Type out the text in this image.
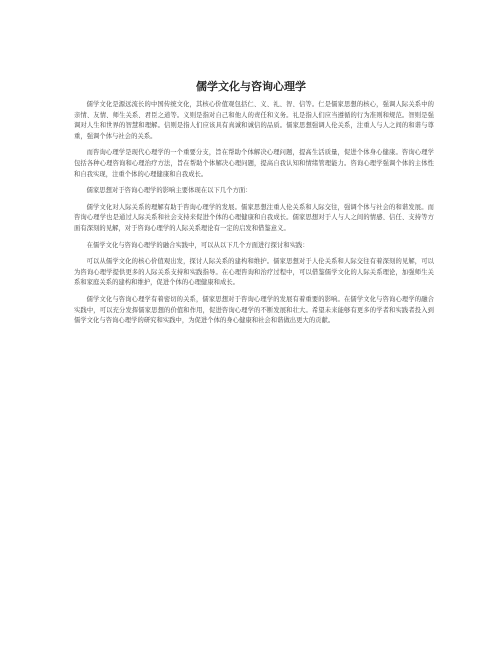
儒学文化与咨询心理学

儒学文化是源远流长的中国传统文化，其核心价值观包括仁、义、礼、智、信等。仁是儒家思想的核心，强调人际关系中的亲情、友情、师生关系、君臣之道等。义则是指对自己和他人的责任和义务。礼是指人们应当遵循的行为准则和规范。智则是强调对人生和世界的智慧和理解。信则是指人们应该具有真诚和诚信的品质。儒家思想强调人伦关系，注重人与人之间的和谐与尊重，强调个体与社会的关系。

而咨询心理学是现代心理学的一个重要分支，旨在帮助个体解决心理问题，提高生活质量，促进个体身心健康。咨询心理学包括各种心理咨询和心理治疗方法，旨在帮助个体解决心理问题，提高自我认知和情绪管理能力。咨询心理学强调个体的主体性和自我实现，注重个体的心理健康和自我成长。

儒家思想对于咨询心理学的影响主要体现在以下几个方面：

儒学文化对人际关系的理解有助于咨询心理学的发展。儒家思想注重人伦关系和人际交往，强调个体与社会的和谐发展。而咨询心理学也是通过人际关系和社会支持来促进个体的心理健康和自我成长。儒家思想对于人与人之间的情感、信任、支持等方面有深刻的见解，对于咨询心理学的人际关系理论有一定的启发和借鉴意义。

在儒学文化与咨询心理学的融合实践中，可以从以下几个方面进行探讨和实践：

可以从儒学文化的核心价值观出发，探讨人际关系的建构和维护。儒家思想对于人伦关系和人际交往有着深刻的见解，可以为咨询心理学提供更多的人际关系支持和实践指导。在心理咨询和治疗过程中，可以借鉴儒学文化的人际关系理论，加强师生关系和家庭关系的建构和维护，促进个体的心理健康和成长。

儒学文化与咨询心理学有着密切的关系，儒家思想对于咨询心理学的发展有着重要的影响。在儒学文化与咨询心理学的融合实践中，可以充分发挥儒家思想的价值和作用，促进咨询心理学的不断发展和壮大。希望未来能够有更多的学者和实践者投入到儒学文化与咨询心理学的研究和实践中，为促进个体的身心健康和社会和谐做出更大的贡献。
